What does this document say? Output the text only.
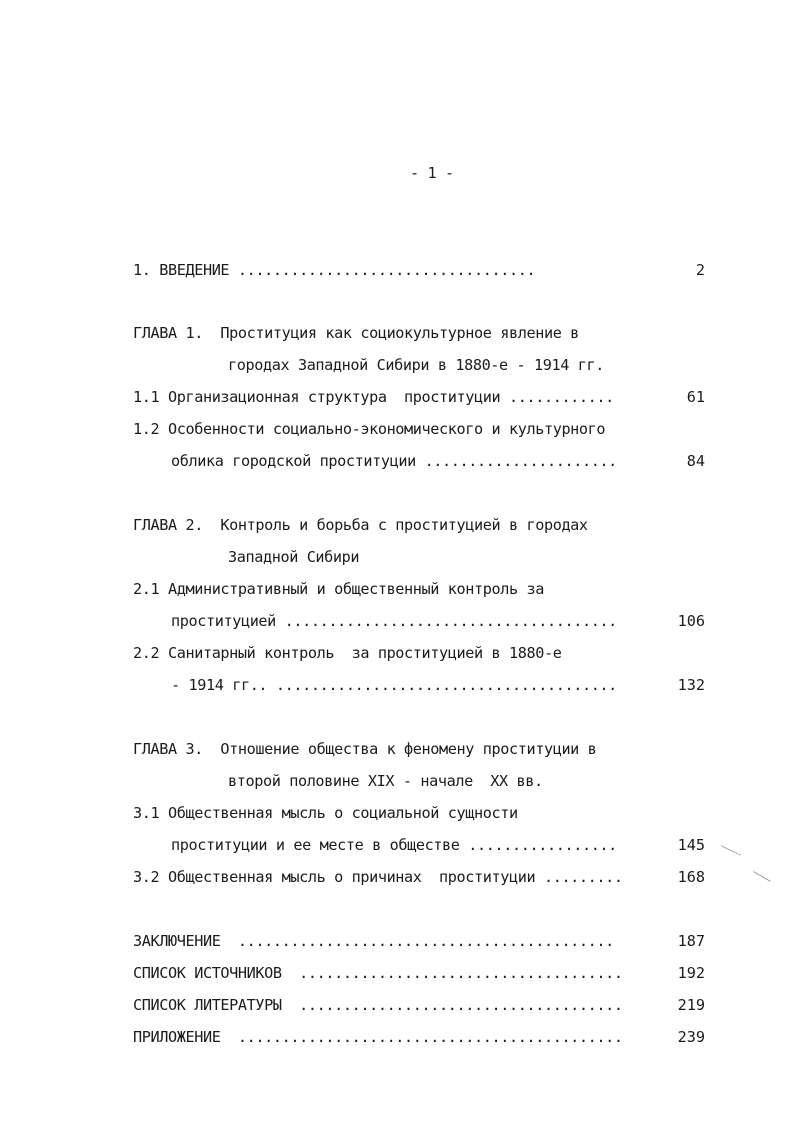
- 1 -
1. ВВЕДЕНИЕ ..................................	2
ГЛАВА 1.  Проституция как социокультурное явление в
городах Западной Сибири в 1880-е - 1914 гг.
1.1 Организационная структура  проституции ............	61
1.2 Особенности социально-экономического и культурного
облика городской проституции ......................	84
ГЛАВА 2.  Контроль и борьба с проституцией в городах
Западной Сибири
2.1 Административный и общественный контроль за
проституцией ......................................	106
2.2 Санитарный контроль  за проституцией в 1880-е
- 1914 гг.. .......................................	132
ГЛАВА 3.  Отношение общества к феномену проституции в
второй половине XIX - начале  XX вв.
3.1 Общественная мысль о социальной сущности
проституции и ее месте в обществе .................	145
3.2 Общественная мысль о причинах  проституции .........	168
ЗАКЛЮЧЕНИЕ  ...........................................	187
СПИСОК ИСТОЧНИКОВ  .....................................	192
СПИСОК ЛИТЕРАТУРЫ  .....................................	219
ПРИЛОЖЕНИЕ  ............................................	239
